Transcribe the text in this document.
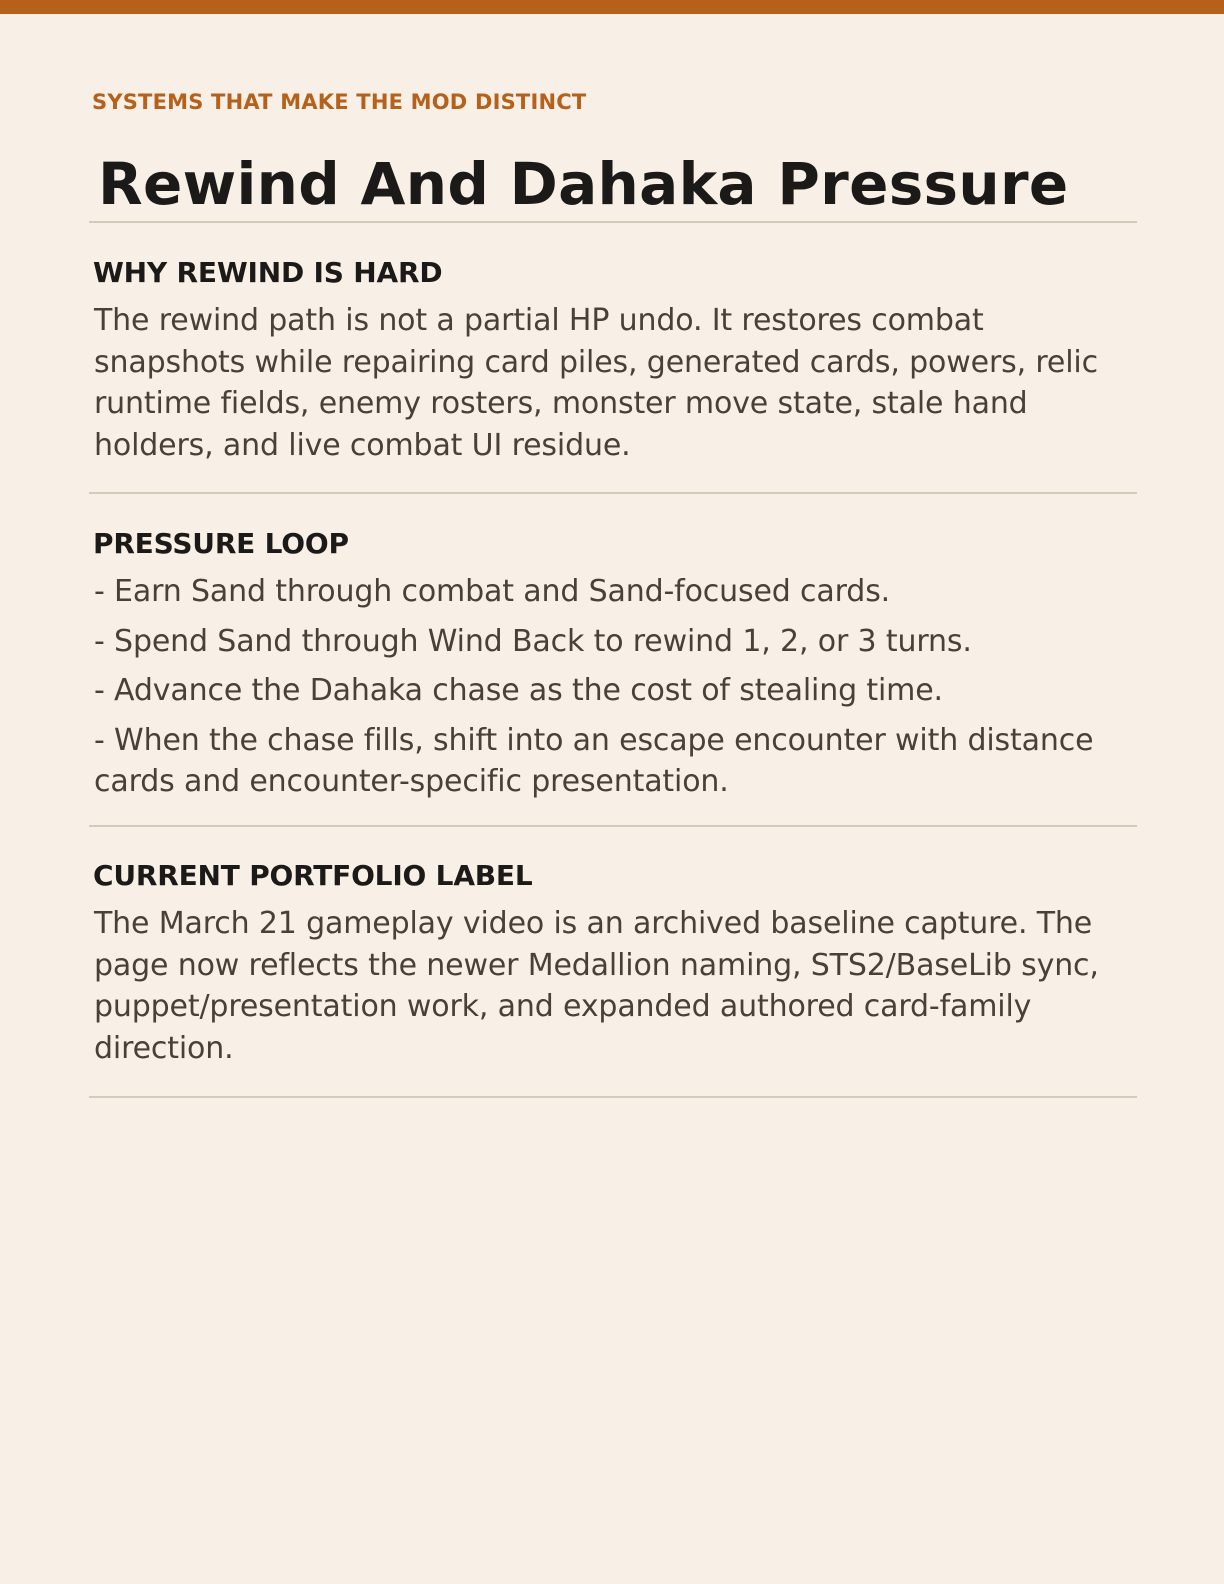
SYSTEMS THAT MAKE THE MOD DISTINCT

Rewind And Dahaka Pressure
WHY REWIND IS HARD

The rewind path is not a partial HP undo. It restores combat snapshots while repairing card piles, generated cards, powers, relic runtime fields, enemy rosters, monster move state, stale hand holders, and live combat UI residue.

PRESSURE LOOP
- Earn Sand through combat and Sand-focused cards.
- Spend Sand through Wind Back to rewind 1, 2, or 3 turns.
- Advance the Dahaka chase as the cost of stealing time.
- When the chase fills, shift into an escape encounter with distance cards and encounter-specific presentation.
CURRENT PORTFOLIO LABEL

The March 21 gameplay video is an archived baseline capture. The page now reflects the newer Medallion naming, STS2/BaseLib sync, puppet/presentation work, and expanded authored card-family direction.
